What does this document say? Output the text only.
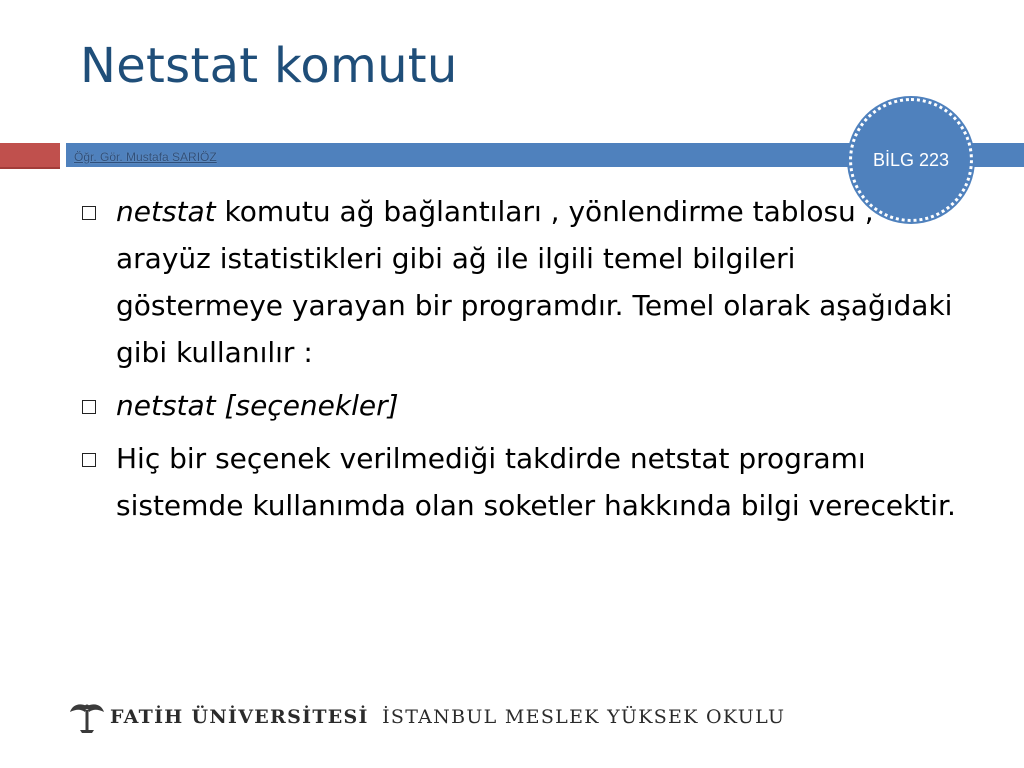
Netstat komutu
Öğr. Gör. Mustafa SARIÖZ	BİLG 223
netstat komutu ağ bağlantıları , yönlendirme tablosu , arayüz istatistikleri gibi ağ ile ilgili temel bilgileri göstermeye yarayan bir programdır. Temel olarak aşağıdaki gibi kullanılır :
netstat [seçenekler]
Hiç bir seçenek verilmediği takdirde netstat programı sistemde kullanımda olan soketler hakkında bilgi verecektir.
FATİH ÜNİVERSİTESİ İSTANBUL MESLEK YÜKSEK OKULU
